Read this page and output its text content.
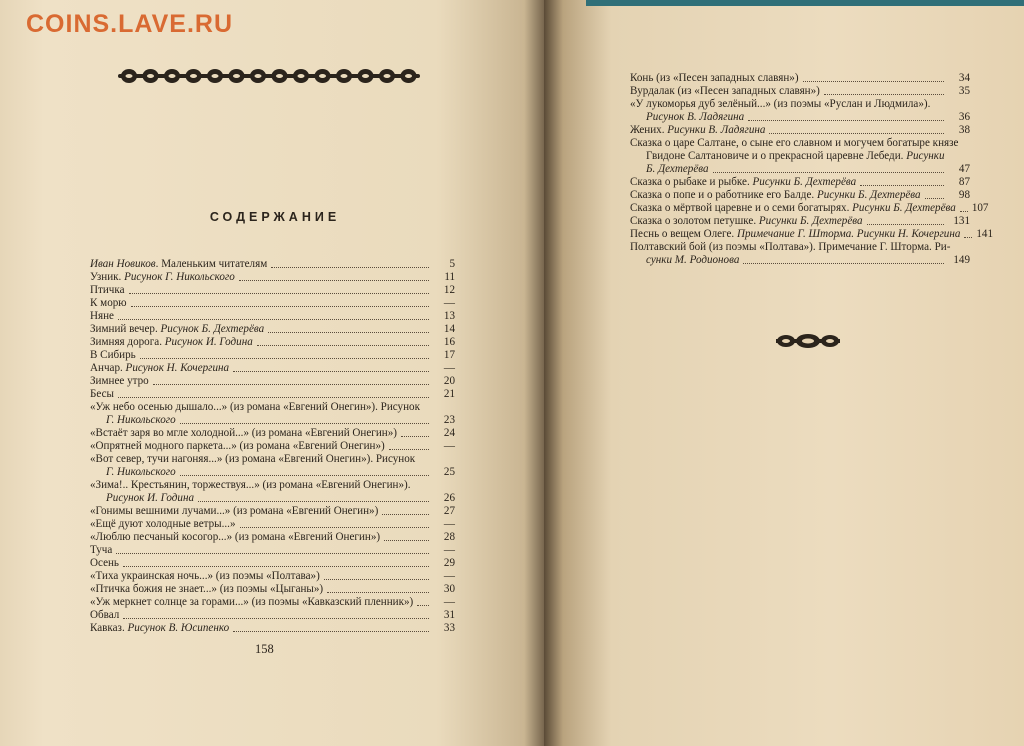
COINS.LAVE.RU
СОДЕРЖАНИЕ
Иван Новиков. Маленьким читателям	5
Узник. Рисунок Г. Никольского	11
Птичка	12
К морю	—
Няне	13
Зимний вечер. Рисунок Б. Дехтерёва	14
Зимняя дорога. Рисунок И. Година	16
В Сибирь	17
Анчар. Рисунок Н. Кочергина	—
Зимнее утро	20
Бесы	21
«Уж небо осенью дышало...» (из романа «Евгений Онегин»). Рисунок
Г. Никольского	23
«Встаёт заря во мгле холодной...» (из романа «Евгений Онегин»)	24
«Опрятней модного паркета...» (из романа «Евгений Онегин»)	—
«Вот север, тучи нагоняя...» (из романа «Евгений Онегин»). Рисунок
Г. Никольского	25
«Зима!.. Крестьянин, торжествуя...» (из романа «Евгений Онегин»).
Рисунок И. Година	26
«Гонимы вешними лучами...» (из романа «Евгений Онегин»)	27
«Ещё дуют холодные ветры...»	—
«Люблю песчаный косогор...» (из романа «Евгений Онегин»)	28
Туча	—
Осень	29
«Тиха украинская ночь...» (из поэмы «Полтава»)	—
«Птичка божия не знает...» (из поэмы «Цыганы»)	30
«Уж меркнет солнце за горами...» (из поэмы «Кавказский пленник»)	—
Обвал	31
Кавказ. Рисунок В. Юсипенко	33
Конь (из «Песен западных славян»)	34
Вурдалак (из «Песен западных славян»)	35
«У лукоморья дуб зелёный...» (из поэмы «Руслан и Людмила»).
Рисунок В. Ладягина	36
Жених. Рисунки В. Ладягина	38
Сказка о царе Салтане, о сыне его славном и могучем богатыре князе
Гвидоне Салтановиче и о прекрасной царевне Лебеди. Рисунки
Б. Дехтерёва	47
Сказка о рыбаке и рыбке. Рисунки Б. Дехтерёва	87
Сказка о попе и о работнике его Балде. Рисунки Б. Дехтерёва	98
Сказка о мёртвой царевне и о семи богатырях. Рисунки Б. Дехтерёва 107
Сказка о золотом петушке. Рисунки Б. Дехтерёва	131
Песнь о вещем Олеге. Примечание Г. Шторма. Рисунки Н. Кочергина 141
Полтавский бой (из поэмы «Полтава»). Примечание Г. Шторма. Ри-
сунки М. Родионова	149
158
